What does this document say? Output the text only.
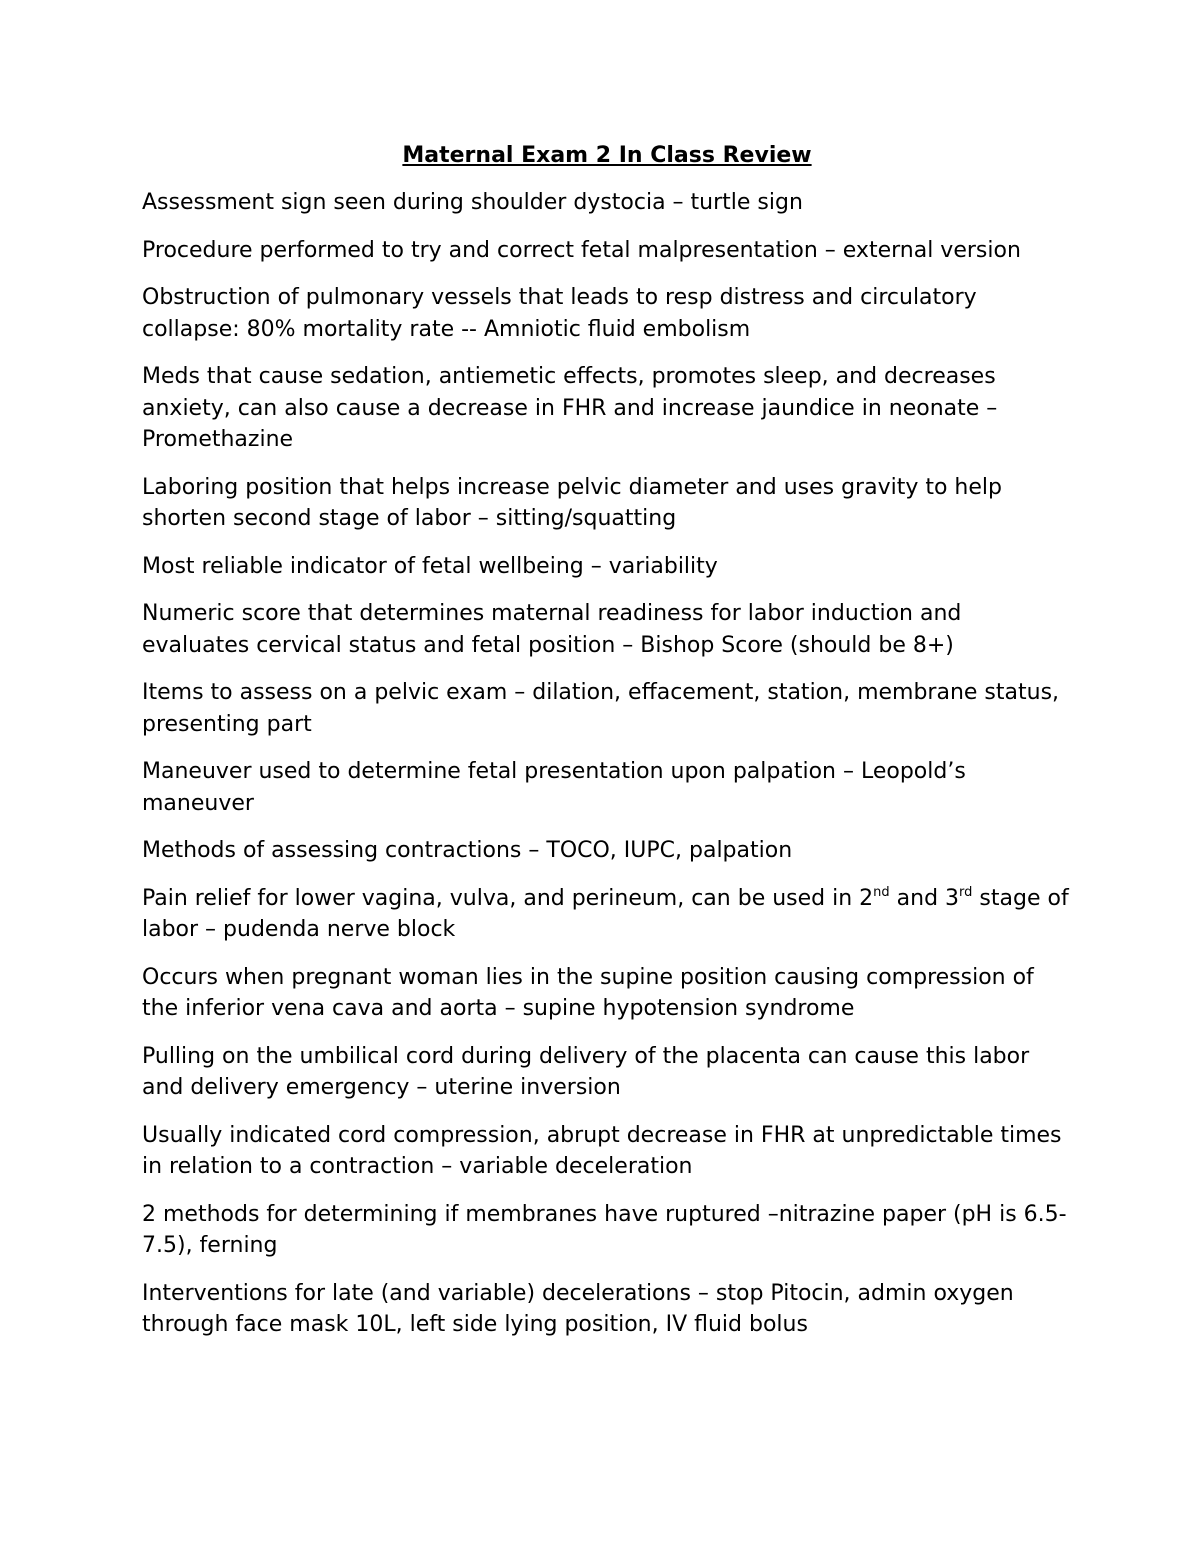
Maternal Exam 2 In Class Review

Assessment sign seen during shoulder dystocia – turtle sign

Procedure performed to try and correct fetal malpresentation – external version

Obstruction of pulmonary vessels that leads to resp distress and circulatory collapse: 80% mortality rate -- Amniotic fluid embolism

Meds that cause sedation, antiemetic effects, promotes sleep, and decreases anxiety, can also cause a decrease in FHR and increase jaundice in neonate – Promethazine

Laboring position that helps increase pelvic diameter and uses gravity to help shorten second stage of labor – sitting/squatting

Most reliable indicator of fetal wellbeing – variability

Numeric score that determines maternal readiness for labor induction and evaluates cervical status and fetal position – Bishop Score (should be 8+)

Items to assess on a pelvic exam – dilation, effacement, station, membrane status, presenting part

Maneuver used to determine fetal presentation upon palpation – Leopold’s maneuver

Methods of assessing contractions – TOCO, IUPC, palpation

Pain relief for lower vagina, vulva, and perineum, can be used in 2nd and 3rd stage of labor – pudenda nerve block

Occurs when pregnant woman lies in the supine position causing compression of the inferior vena cava and aorta – supine hypotension syndrome

Pulling on the umbilical cord during delivery of the placenta can cause this labor and delivery emergency – uterine inversion

Usually indicated cord compression, abrupt decrease in FHR at unpredictable times in relation to a contraction – variable deceleration

2 methods for determining if membranes have ruptured –nitrazine paper (pH is 6.5-7.5), ferning

Interventions for late (and variable) decelerations – stop Pitocin, admin oxygen through face mask 10L, left side lying position, IV fluid bolus
